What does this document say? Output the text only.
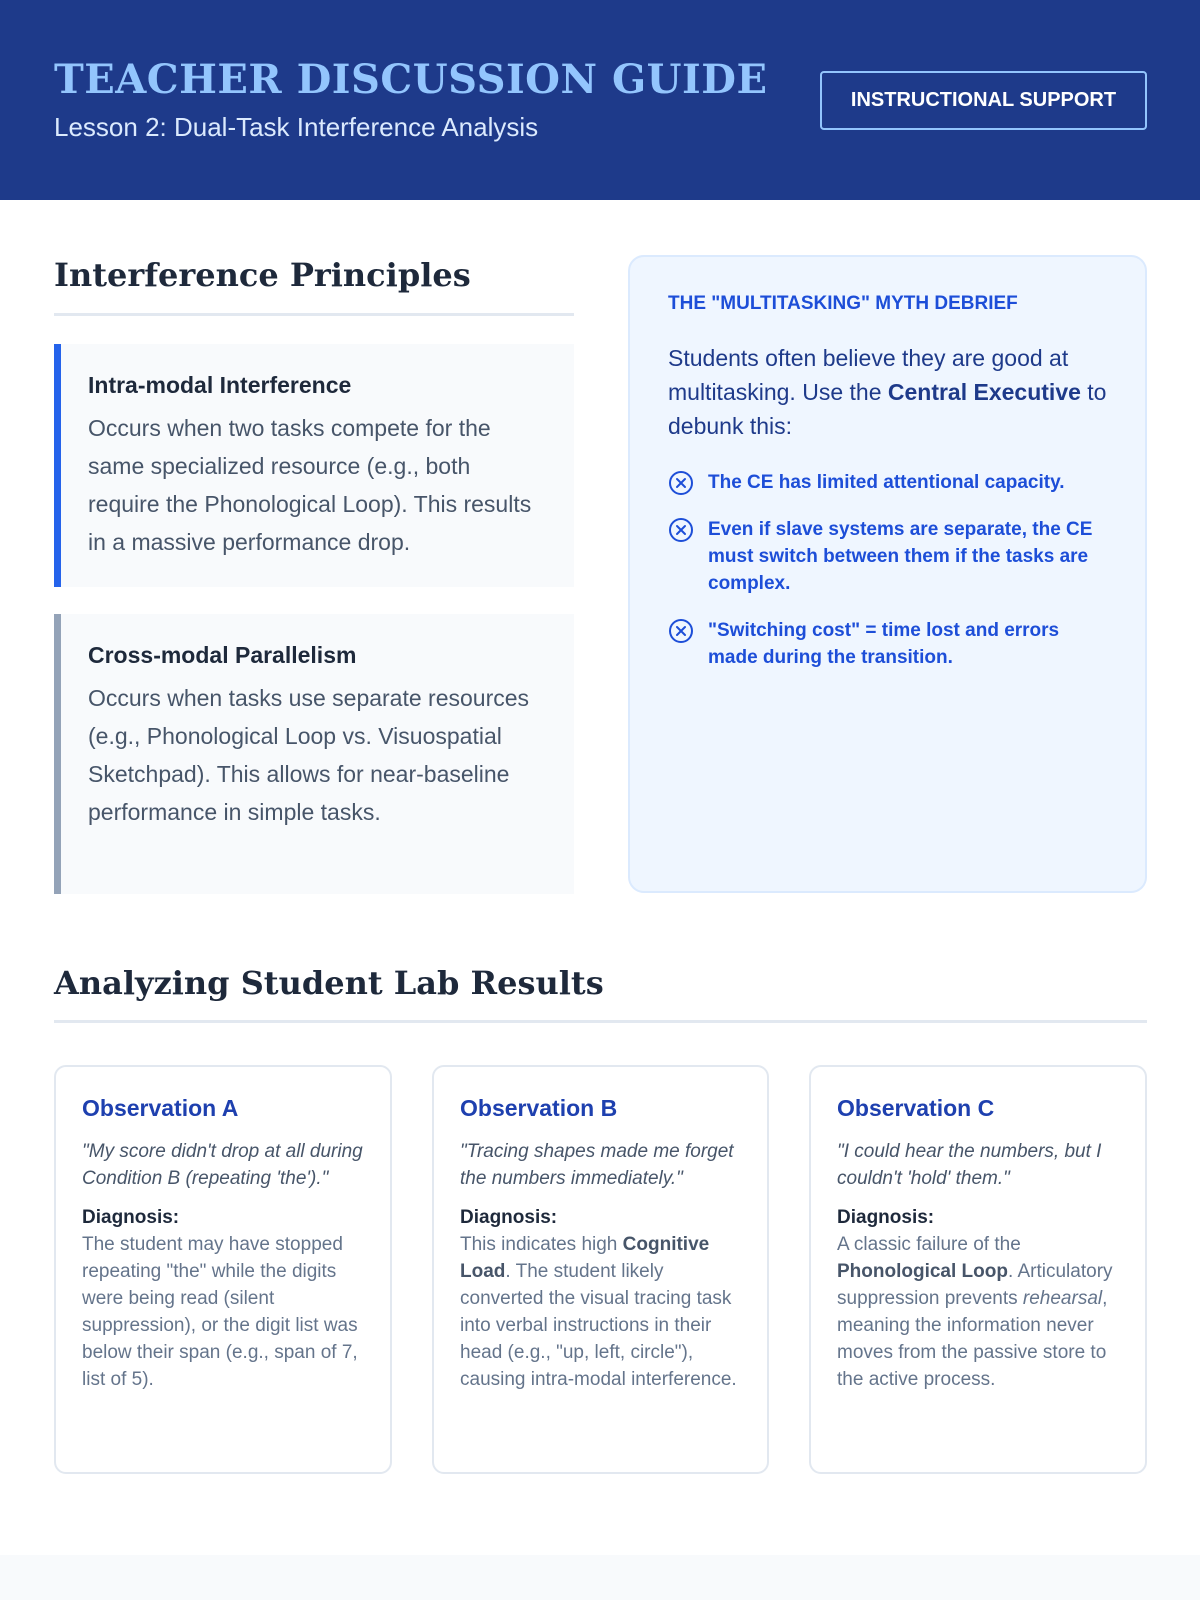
TEACHER DISCUSSION GUIDE
Lesson 2: Dual-Task Interference Analysis
INSTRUCTIONAL SUPPORT
Interference Principles
Intra-modal Interference
Occurs when two tasks compete for the same specialized resource (e.g., both require the Phonological Loop). This results in a massive performance drop.
Cross-modal Parallelism
Occurs when tasks use separate resources (e.g., Phonological Loop vs. Visuospatial Sketchpad). This allows for near-baseline performance in simple tasks.
THE "MULTITASKING" MYTH DEBRIEF
Students often believe they are good at multitasking. Use the Central Executive to debunk this:
The CE has limited attentional capacity.
Even if slave systems are separate, the CE must switch between them if the tasks are complex.
"Switching cost" = time lost and errors made during the transition.
Analyzing Student Lab Results
Observation A
"My score didn't drop at all during Condition B (repeating 'the')."
Diagnosis:
The student may have stopped repeating "the" while the digits were being read (silent suppression), or the digit list was below their span (e.g., span of 7, list of 5).
Observation B
"Tracing shapes made me forget the numbers immediately."
Diagnosis:
This indicates high Cognitive Load. The student likely converted the visual tracing task into verbal instructions in their head (e.g., "up, left, circle"), causing intra-modal interference.
Observation C
"I could hear the numbers, but I couldn't 'hold' them."
Diagnosis:
A classic failure of the Phonological Loop. Articulatory suppression prevents rehearsal, meaning the information never moves from the passive store to the active process.
